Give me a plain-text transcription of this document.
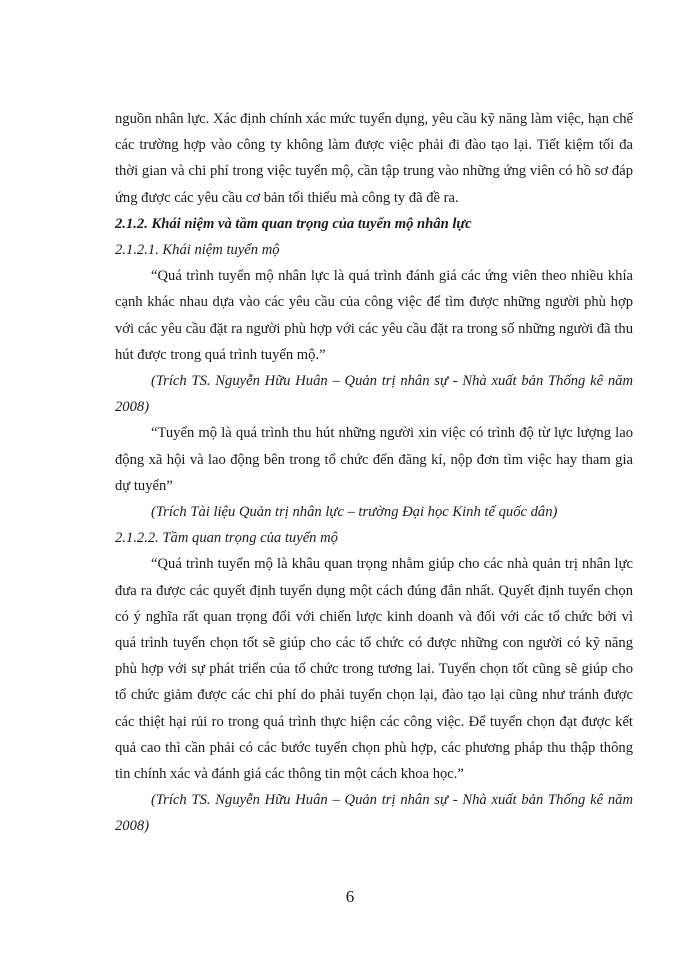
nguồn nhân lực. Xác định chính xác mức tuyển dụng, yêu cầu kỹ năng làm việc, hạn chế các trường hợp vào công ty không làm được việc phải đi đào tạo lại. Tiết kiệm tối đa thời gian và chi phí trong việc tuyển mộ, cần tập trung vào những ứng viên có hồ sơ đáp ứng được các yêu cầu cơ bản tối thiểu mà công ty đã đề ra.

2.1.2. Khái niệm và tầm quan trọng của tuyển mộ nhân lực

2.1.2.1. Khái niệm tuyển mộ

“Quá trình tuyển mộ nhân lực là quá trình đánh giá các ứng viên theo nhiều khía cạnh khác nhau dựa vào các yêu cầu của công việc để tìm được những người phù hợp với các yêu cầu đặt ra người phù hợp với các yêu cầu đặt ra trong số những người đã thu hút được trong quá trình tuyển mộ.”

(Trích TS. Nguyễn Hữu Huân – Quản trị nhân sự - Nhà xuất bản Thống kê năm 2008)

“Tuyển mộ là quá trình thu hút những người xin việc có trình độ từ lực lượng lao động xã hội và lao động bên trong tổ chức đến đăng kí, nộp đơn tìm việc hay tham gia dự tuyển”

(Trích Tài liệu Quản trị nhân lực – trường Đại học Kinh tế quốc dân)

2.1.2.2. Tầm quan trọng của tuyển mộ

“Quá trình tuyển mộ là khâu quan trọng nhằm giúp cho các nhà quản trị nhân lực đưa ra được các quyết định tuyển dụng một cách đúng đắn nhất. Quyết định tuyển chọn có ý nghĩa rất quan trọng đối với chiến lược kinh doanh và đối với các tổ chức bởi vì quá trình tuyển chọn tốt sẽ giúp cho các tổ chức có được những con người có kỹ năng phù hợp với sự phát triển của tổ chức trong tương lai. Tuyển chọn tốt cũng sẽ giúp cho tổ chức giảm được các chi phí do phải tuyển chọn lại, đào tạo lại cũng như tránh được các thiệt hại rủi ro trong quá trình thực hiện các công việc. Để tuyển chọn đạt được kết quả cao thì cần phải có các bước tuyển chọn phù hợp, các phương pháp thu thập thông tin chính xác và đánh giá các thông tin một cách khoa học.”

(Trích TS. Nguyễn Hữu Huân – Quản trị nhân sự - Nhà xuất bản Thống kê năm 2008)

6
